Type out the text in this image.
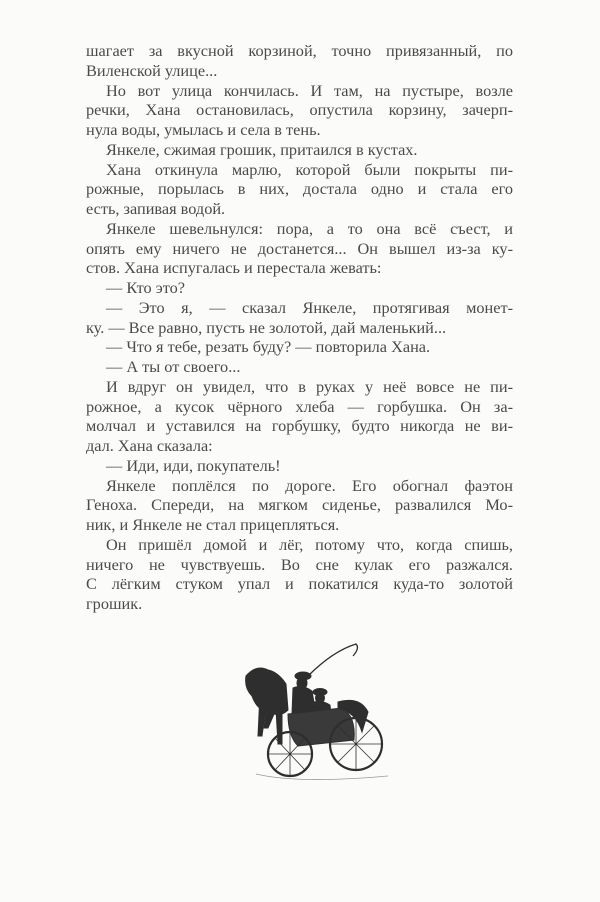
шагает за вкусной корзиной, точно привязанный, по
Виленской улице...
Но вот улица кончилась. И там, на пустыре, возле
речки, Хана остановилась, опустила корзину, зачерп-
нула воды, умылась и села в тень.
Янкеле, сжимая грошик, притаился в кустах.
Хана откинула марлю, которой были покрыты пи-
рожные, порылась в них, достала одно и стала его
есть, запивая водой.
Янкеле шевельнулся: пора, а то она всё съест, и
опять ему ничего не достанется... Он вышел из-за ку-
стов. Хана испугалась и перестала жевать:
— Кто это?
— Это я, — сказал Янкеле, протягивая монет-
ку. — Все равно, пусть не золотой, дай маленький...
— Что я тебе, резать буду? — повторила Хана.
— А ты от своего...
И вдруг он увидел, что в руках у неё вовсе не пи-
рожное, а кусок чёрного хлеба — горбушка. Он за-
молчал и уставился на горбушку, будто никогда не ви-
дал. Хана сказала:
— Иди, иди, покупатель!
Янкеле поплёлся по дороге. Его обогнал фаэтон
Геноха. Спереди, на мягком сиденье, развалился Мо-
ник, и Янкеле не стал прицепляться.
Он пришёл домой и лёг, потому что, когда спишь,
ничего не чувствуешь. Во сне кулак его разжался.
С лёгким стуком упал и покатился куда-то золотой
грошик.
